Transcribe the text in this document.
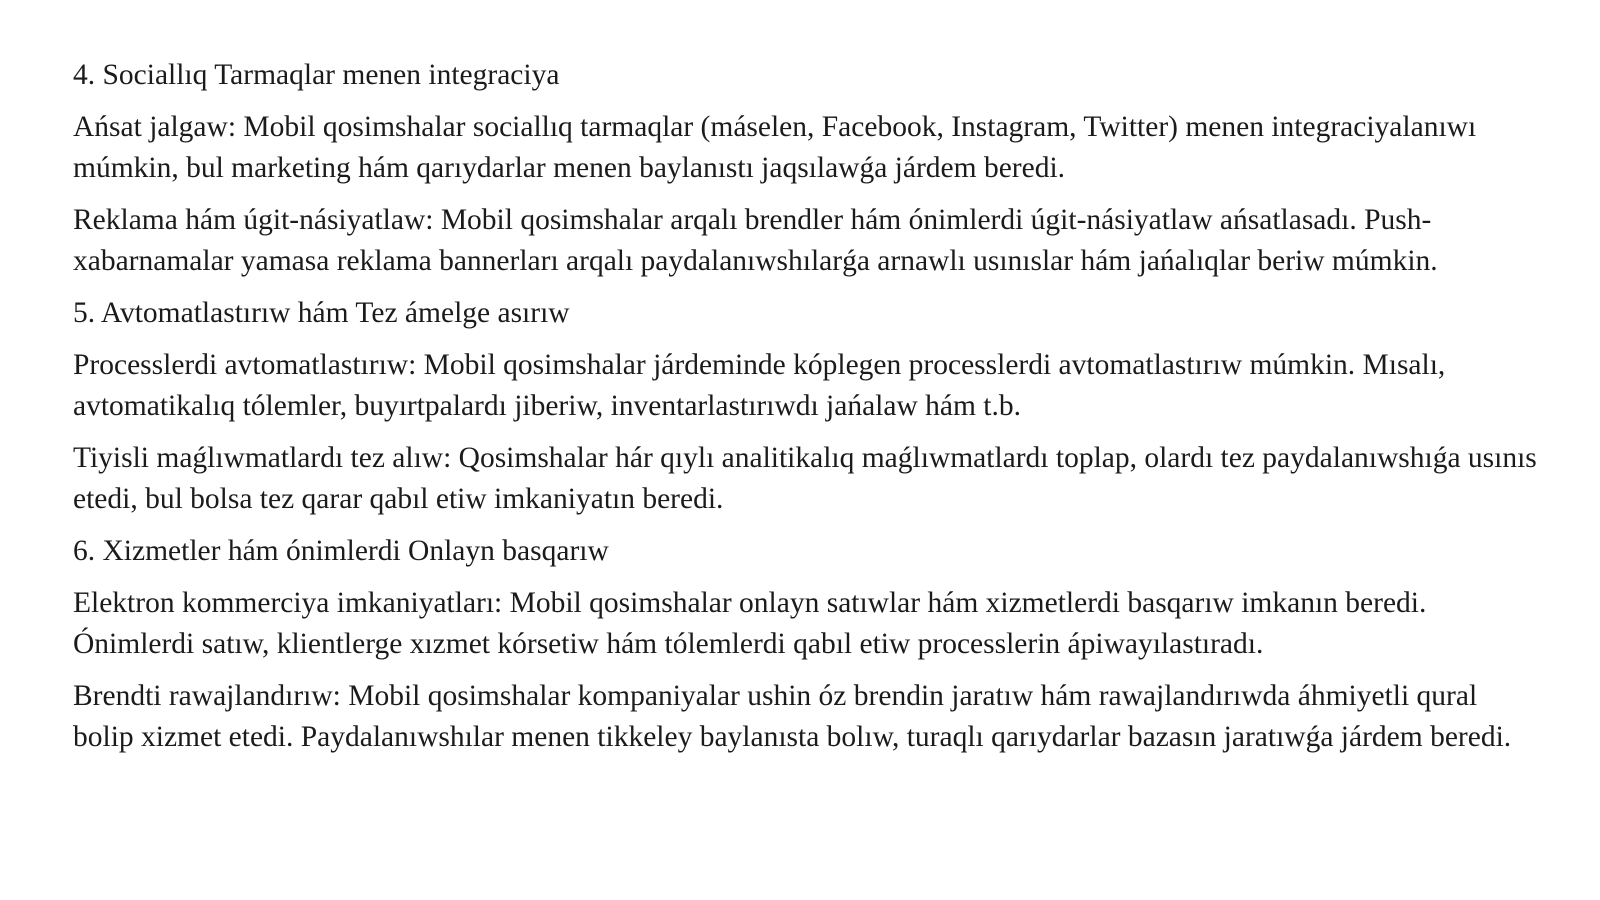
4. Sociallıq Tarmaqlar menen integraciya

Ańsat jalgaw: Mobil qosimshalar sociallıq tarmaqlar (máselen, Facebook, Instagram, Twitter) menen integraciyalanıwı múmkin, bul marketing hám qarıydarlar menen baylanıstı jaqsılawǵa járdem beredi.

Reklama hám úgit-násiyatlaw: Mobil qosimshalar arqalı brendler hám ónimlerdi úgit-násiyatlaw ańsatlasadı. Push-xabarnamalar yamasa reklama bannerları arqalı paydalanıwshılarǵa arnawlı usınıslar hám jańalıqlar beriw múmkin.

5. Avtomatlastırıw hám Tez ámelge asırıw

Processlerdi avtomatlastırıw: Mobil qosimshalar járdeminde kóplegen processlerdi avtomatlastırıw múmkin. Mısalı, avtomatikalıq tólemler, buyırtpalardı jiberiw, inventarlastırıwdı jańalaw hám t.b.

Tiyisli maǵlıwmatlardı tez alıw: Qosimshalar hár qıylı analitikalıq maǵlıwmatlardı toplap, olardı tez paydalanıwshıǵa usınıs etedi, bul bolsa tez qarar qabıl etiw imkaniyatın beredi.

6. Xizmetler hám ónimlerdi Onlayn basqarıw

Elektron kommerciya imkaniyatları: Mobil qosimshalar onlayn satıwlar hám xizmetlerdi basqarıw imkanın beredi. Ónimlerdi satıw, klientlerge xızmet kórsetiw hám tólemlerdi qabıl etiw processlerin ápiwayılastıradı.

Brendti rawajlandırıw: Mobil qosimshalar kompaniyalar ushin óz brendin jaratıw hám rawajlandırıwda áhmiyetli qural bolip xizmet etedi. Paydalanıwshılar menen tikkeley baylanısta bolıw, turaqlı qarıydarlar bazasın jaratıwǵa járdem beredi.
